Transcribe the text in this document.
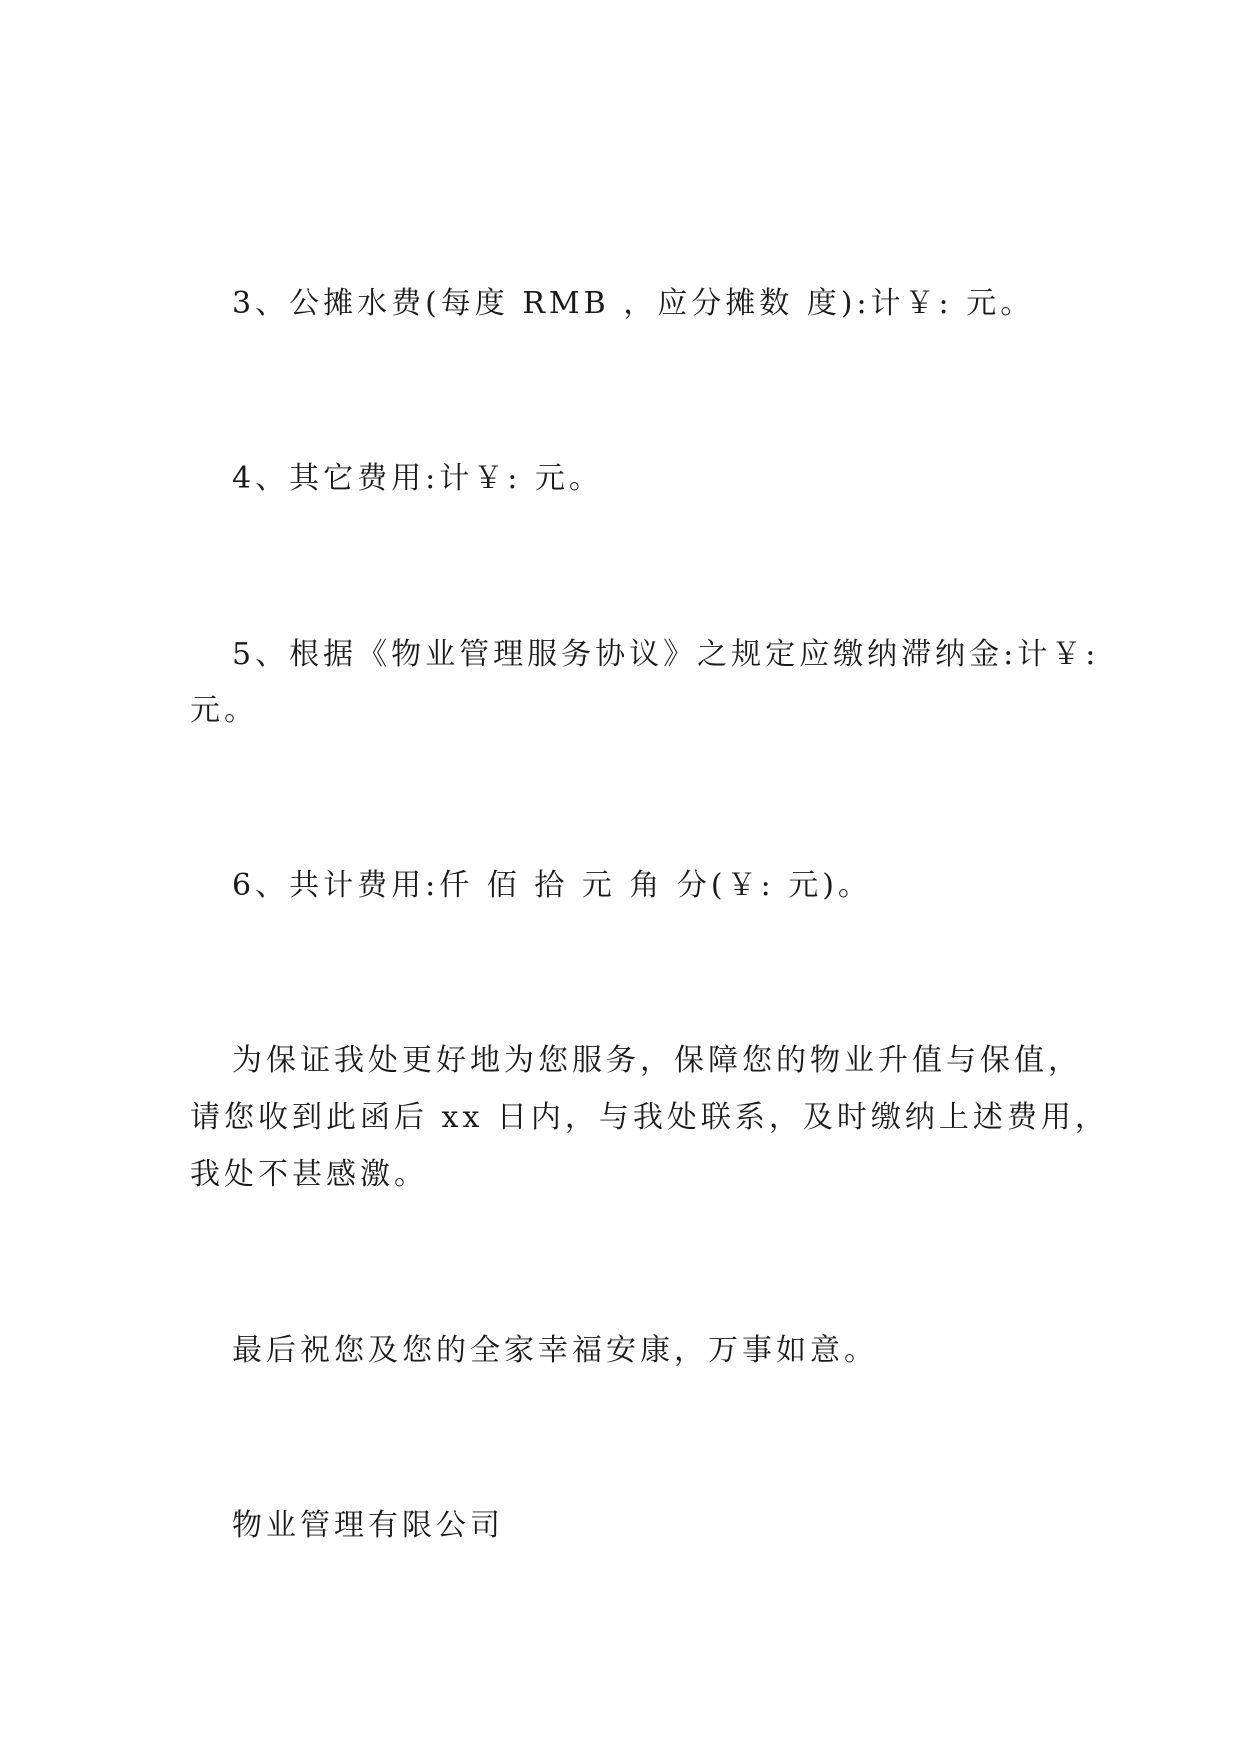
3、公摊水费(每度 RMB ，应分摊数 度):计￥: 元。

4、其它费用:计￥: 元。

5、根据《物业管理服务协议》之规定应缴纳滞纳金:计￥:

元。

6、共计费用:仟 佰 拾 元 角 分(￥: 元)。

为保证我处更好地为您服务，保障您的物业升值与保值，

请您收到此函后 xx 日内，与我处联系，及时缴纳上述费用，

我处不甚感激。

最后祝您及您的全家幸福安康，万事如意。

物业管理有限公司
